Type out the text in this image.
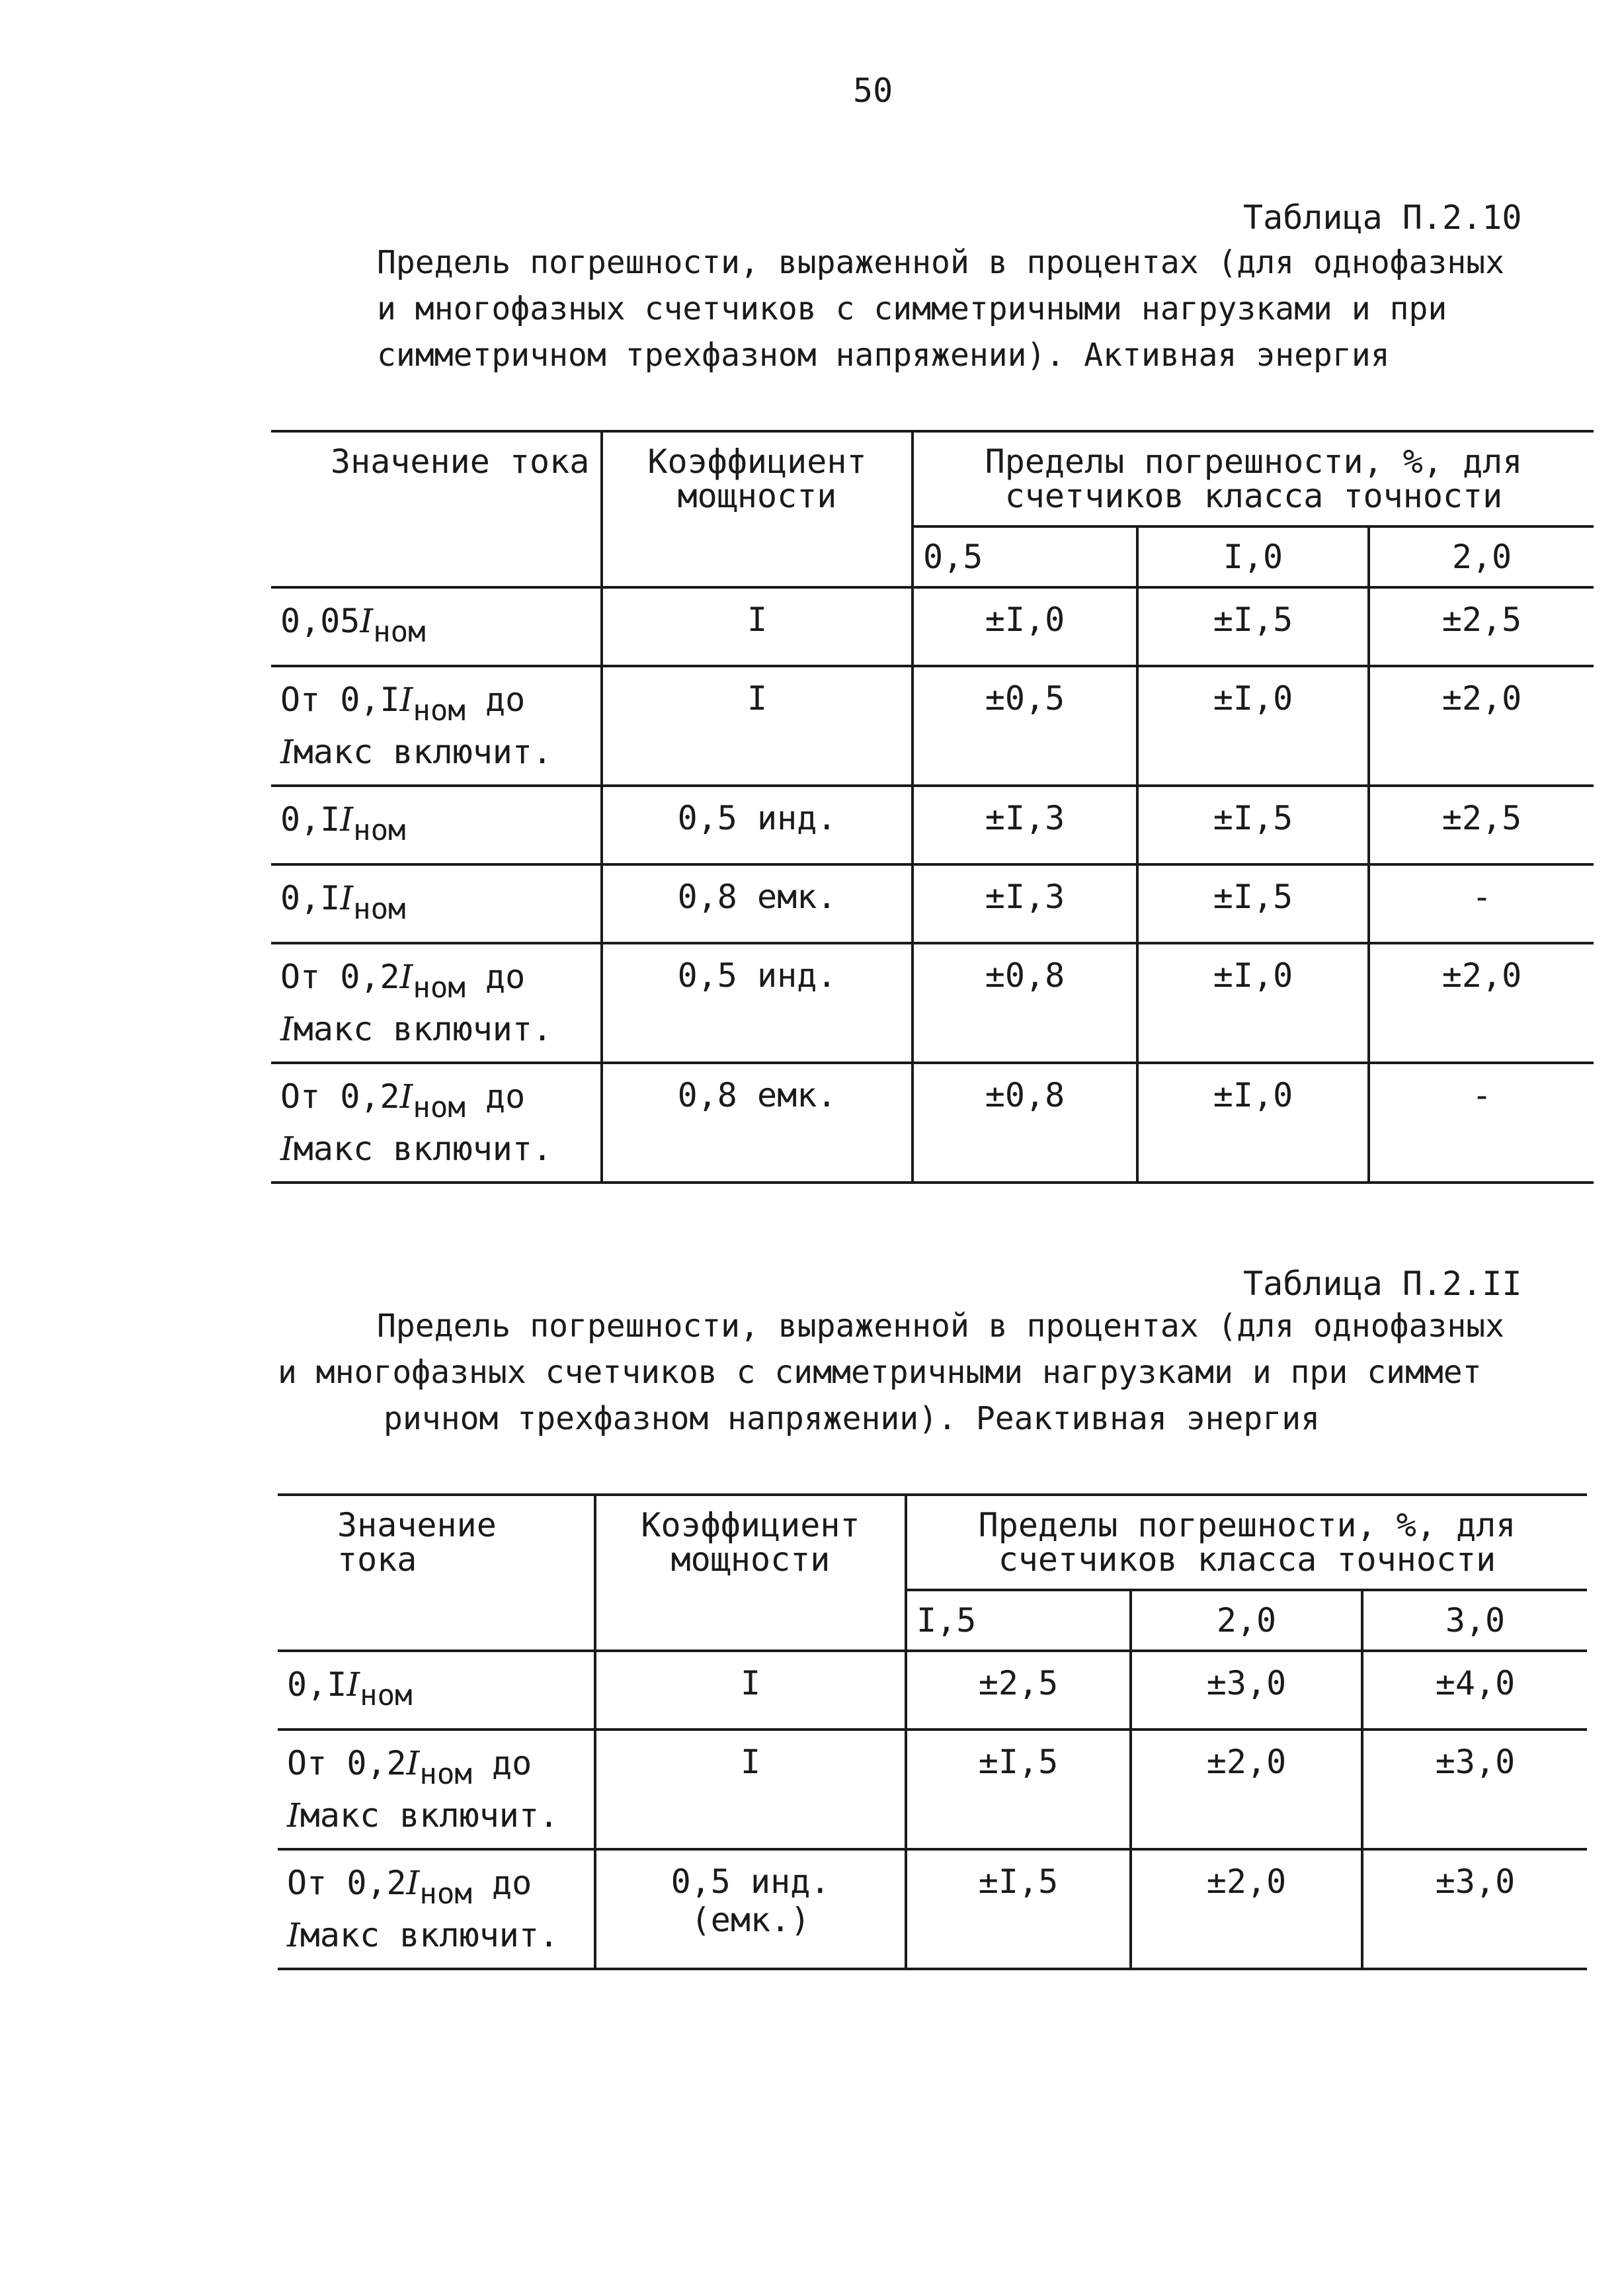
50
Таблица П.2.10
Предель погрешности, выраженной в процентах (для однофазных
и многофазных счетчиков с симметричными нагрузками и при
симметричном трехфазном напряжении). Активная энергия
Значение тока	Коэффициент мощности	Пределы погрешности, %, для счетчиков класса точности		
		0,5	I,0	2,0

$0,05I_{ном}$	I	±I,0	±I,5	±2,5

От $0,II_{ном}$ до
Iмакс включит.	I	±0,5	±I,0	±2,0

$0,II_{ном}$	0,5 инд.	±I,3	±I,5	±2,5

$0,II_{ном}$	0,8 емк.	±I,3	±I,5	-

От $0,2I_{ном}$ до
Iмакс включит.	0,5 инд.	±0,8	±I,0	±2,0

От $0,2I_{ном}$ до
Iмакс включит.	0,8 емк.	±0,8	±I,0	-
Таблица П.2.II
Предель погрешности, выраженной в процентах (для однофазных
и многофазных счетчиков с симметричными нагрузками и при симмет
ричном трехфазном напряжении). Реактивная энергия
Значение тока	Коэффициент мощности	Пределы погрешности, %, для счетчиков класса точности		
		I,5	2,0	3,0

$0,II_{ном}$	I	±2,5	±3,0	±4,0

От $0,2I_{ном}$ до
Iмакс включит.	I	±I,5	±2,0	±3,0

От $0,2I_{ном}$ до
Iмакс включит.	0,5 инд. (емк.)	±I,5	±2,0	±3,0
